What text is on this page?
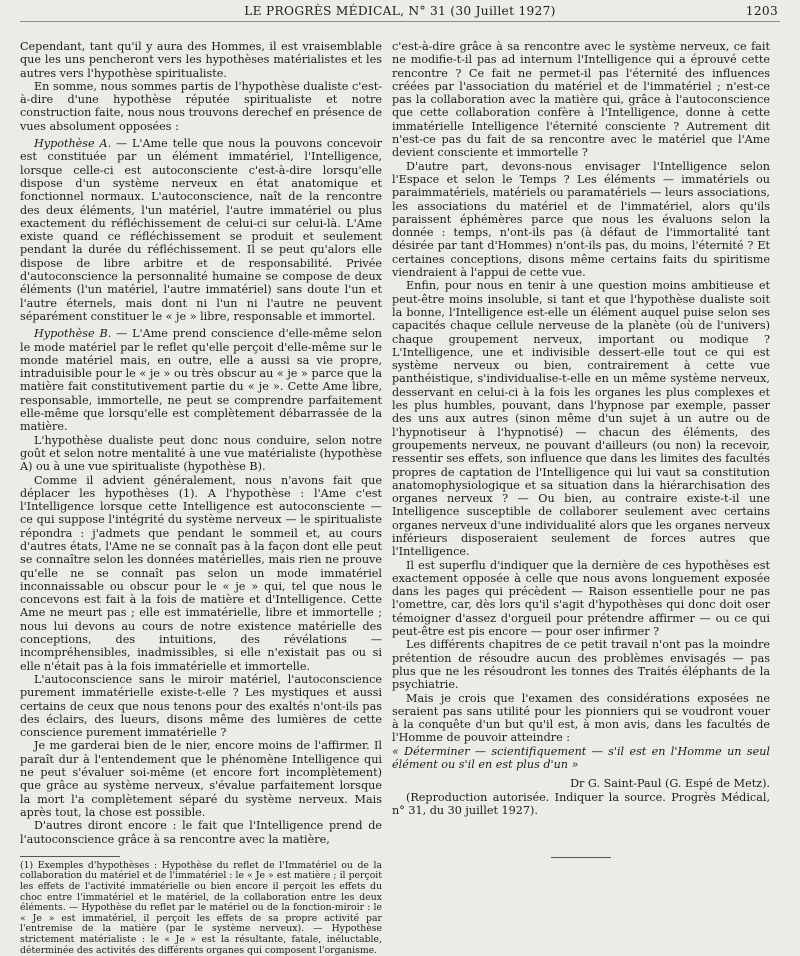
LE PROGRÈS MÉDICAL, N° 31 (30 Juillet 1927)	1203

Cependant, tant qu'il y aura des Hommes, il est vraisemblable que les uns pencheront vers les hypothèses matérialistes et les autres vers l'hypothèse spiritualiste.

En somme, nous sommes partis de l'hypothèse dualiste c'est-à-dire d'une hypothèse réputée spiritualiste et notre construction faite, nous nous trouvons derechef en présence de vues absolument opposées :

Hypothèse A. — L'Ame telle que nous la pouvons concevoir est constituée par un élément immatériel, l'Intelligence, lorsque celle-ci est autoconsciente c'est-à-dire lorsqu'elle dispose d'un système nerveux en état anatomique et fonctionnel normaux. L'autoconscience, naît de la rencontre des deux éléments, l'un matériel, l'autre immatériel ou plus exactement du réfléchissement de celui-ci sur celui-là. L'Ame existe quand ce réfléchissement se produit et seulement pendant la durée du réfléchissement. Il se peut qu'alors elle dispose de libre arbitre et de responsabilité. Privée d'autoconscience la personnalité humaine se compose de deux éléments (l'un matériel, l'autre immatériel) sans doute l'un et l'autre éternels, mais dont ni l'un ni l'autre ne peuvent séparément constituer le « je » libre, responsable et immortel.

Hypothèse B. — L'Ame prend conscience d'elle-même selon le mode matériel par le reflet qu'elle perçoit d'elle-même sur le monde matériel mais, en outre, elle a aussi sa vie propre, intraduisible pour le « je » ou très obscur au « je » parce que la matière fait constitutivement partie du « je ». Cette Ame libre, responsable, immortelle, ne peut se comprendre parfaitement elle-même que lorsqu'elle est complètement débarrassée de la matière.

L'hypothèse dualiste peut donc nous conduire, selon notre goût et selon notre mentalité à une vue matérialiste (hypothèse A) ou à une vue spiritualiste (hypothèse B).

Comme il advient généralement, nous n'avons fait que déplacer les hypothèses (1). A l'hypothèse : l'Ame c'est l'Intelligence lorsque cette Intelligence est autoconsciente — ce qui suppose l'intégrité du système nerveux — le spiritualiste répondra : j'admets que pendant le sommeil et, au cours d'autres états, l'Ame ne se connaît pas à la façon dont elle peut se connaître selon les données matérielles, mais rien ne prouve qu'elle ne se connaît pas selon un mode immatériel inconnaissable ou obscur pour le « je » qui, tel que nous le concevons est fait à la fois de matière et d'Intelligence. Cette Ame ne meurt pas ; elle est immatérielle, libre et immortelle ; nous lui devons au cours de notre existence matérielle des conceptions, des intuitions, des révélations — incompréhensibles, inadmissibles, si elle n'existait pas ou si elle n'était pas à la fois immatérielle et immortelle.

L'autoconscience sans le miroir matériel, l'autoconscience purement immatérielle existe-t-elle ? Les mystiques et aussi certains de ceux que nous tenons pour des exaltés n'ont-ils pas des éclairs, des lueurs, disons même des lumières de cette conscience purement immatérielle ?

Je me garderai bien de le nier, encore moins de l'affirmer. Il paraît dur à l'entendement que le phénomène Intelligence qui ne peut s'évaluer soi-même (et encore fort incomplètement) que grâce au système nerveux, s'évalue parfaitement lorsque la mort l'a complètement séparé du système nerveux. Mais après tout, la chose est possible.

D'autres diront encore : le fait que l'Intelligence prend de l'autoconscience grâce à sa rencontre avec la matière,

(1) Exemples d'hypothèses : Hypothèse du reflet de l'Immatériel ou de la collaboration du matériel et de l'immatériel : le « Je » est matière ; il perçoit les effets de l'activité immatérielle ou bien encore il perçoit les effets du choc entre l'immatériel et le matériel, de la collaboration entre les deux éléments. — Hypothèse du reflet par le matériel ou de la fonction-miroir : le « Je » est immatériel, il perçoit les effets de sa propre activité par l'entremise de la matière (par le système nerveux). — Hypothèse strictement matérialiste : le « Je » est la résultante, fatale, inéluctable, déterminée des activités des différents organes qui composent l'organisme.

c'est-à-dire grâce à sa rencontre avec le système nerveux, ce fait ne modifie-t-il pas ad internum l'Intelligence qui a éprouvé cette rencontre ? Ce fait ne permet-il pas l'éternité des influences créées par l'association du matériel et de l'immatériel ; n'est-ce pas la collaboration avec la matière qui, grâce à l'autoconscience que cette collaboration confère à l'Intelligence, donne à cette immatérielle Intelligence l'éternité consciente ? Autrement dit n'est-ce pas du fait de sa rencontre avec le matériel que l'Ame devient consciente et immortelle ?

D'autre part, devons-nous envisager l'Intelligence selon l'Espace et selon le Temps ? Les éléments — immatériels ou paraimmatériels, matériels ou paramatériels — leurs associations, les associations du matériel et de l'immatériel, alors qu'ils paraissent éphémères parce que nous les évaluons selon la donnée : temps, n'ont-ils pas (à défaut de l'immortalité tant désirée par tant d'Hommes) n'ont-ils pas, du moins, l'éternité ? Et certaines conceptions, disons même certains faits du spiritisme viendraient à l'appui de cette vue.

Enfin, pour nous en tenir à une question moins ambitieuse et peut-être moins insoluble, si tant et que l'hypothèse dualiste soit la bonne, l'Intelligence est-elle un élément auquel puise selon ses capacités chaque cellule nerveuse de la planète (où de l'univers) chaque groupement nerveux, important ou modique ? L'Intelligence, une et indivisible dessert-elle tout ce qui est système nerveux ou bien, contrairement à cette vue panthéistique, s'individualise-t-elle en un même système nerveux, desservant en celui-ci à la fois les organes les plus complexes et les plus humbles, pouvant, dans l'hypnose par exemple, passer des uns aux autres (sinon même d'un sujet à un autre ou de l'hypnotiseur à l'hypnotisé) — chacun des éléments, des groupements nerveux, ne pouvant d'ailleurs (ou non) la recevoir, ressentir ses effets, son influence que dans les limites des facultés propres de captation de l'Intelligence qui lui vaut sa constitution anatomophysiologique et sa situation dans la hiérarchisation des organes nerveux ? — Ou bien, au contraire existe-t-il une Intelligence susceptible de collaborer seulement avec certains organes nerveux d'une individualité alors que les organes nerveux inférieurs disposeraient seulement de forces autres que l'Intelligence.

Il est superflu d'indiquer que la dernière de ces hypothèses est exactement opposée à celle que nous avons longuement exposée dans les pages qui précèdent — Raison essentielle pour ne pas l'omettre, car, dès lors qu'il s'agit d'hypothèses qui donc doit oser témoigner d'assez d'orgueil pour prétendre affirmer — ou ce qui peut-être est pis encore — pour oser infirmer ?

Les différents chapitres de ce petit travail n'ont pas la moindre prétention de résoudre aucun des problèmes envisagés — pas plus que ne les résoudront les tonnes des Traités éléphants de la psychiatrie.

Mais je crois que l'examen des considérations exposées ne seraient pas sans utilité pour les pionniers qui se voudront vouer à la conquête d'un but qu'il est, à mon avis, dans les facultés de l'Homme de pouvoir atteindre :

« Déterminer — scientifiquement — s'il est en l'Homme un seul élément ou s'il en est plus d'un »

Dr G. Saint-Paul (G. Espé de Metz).

(Reproduction autorisée. Indiquer la source. Progrès Médical, n° 31, du 30 juillet 1927).
